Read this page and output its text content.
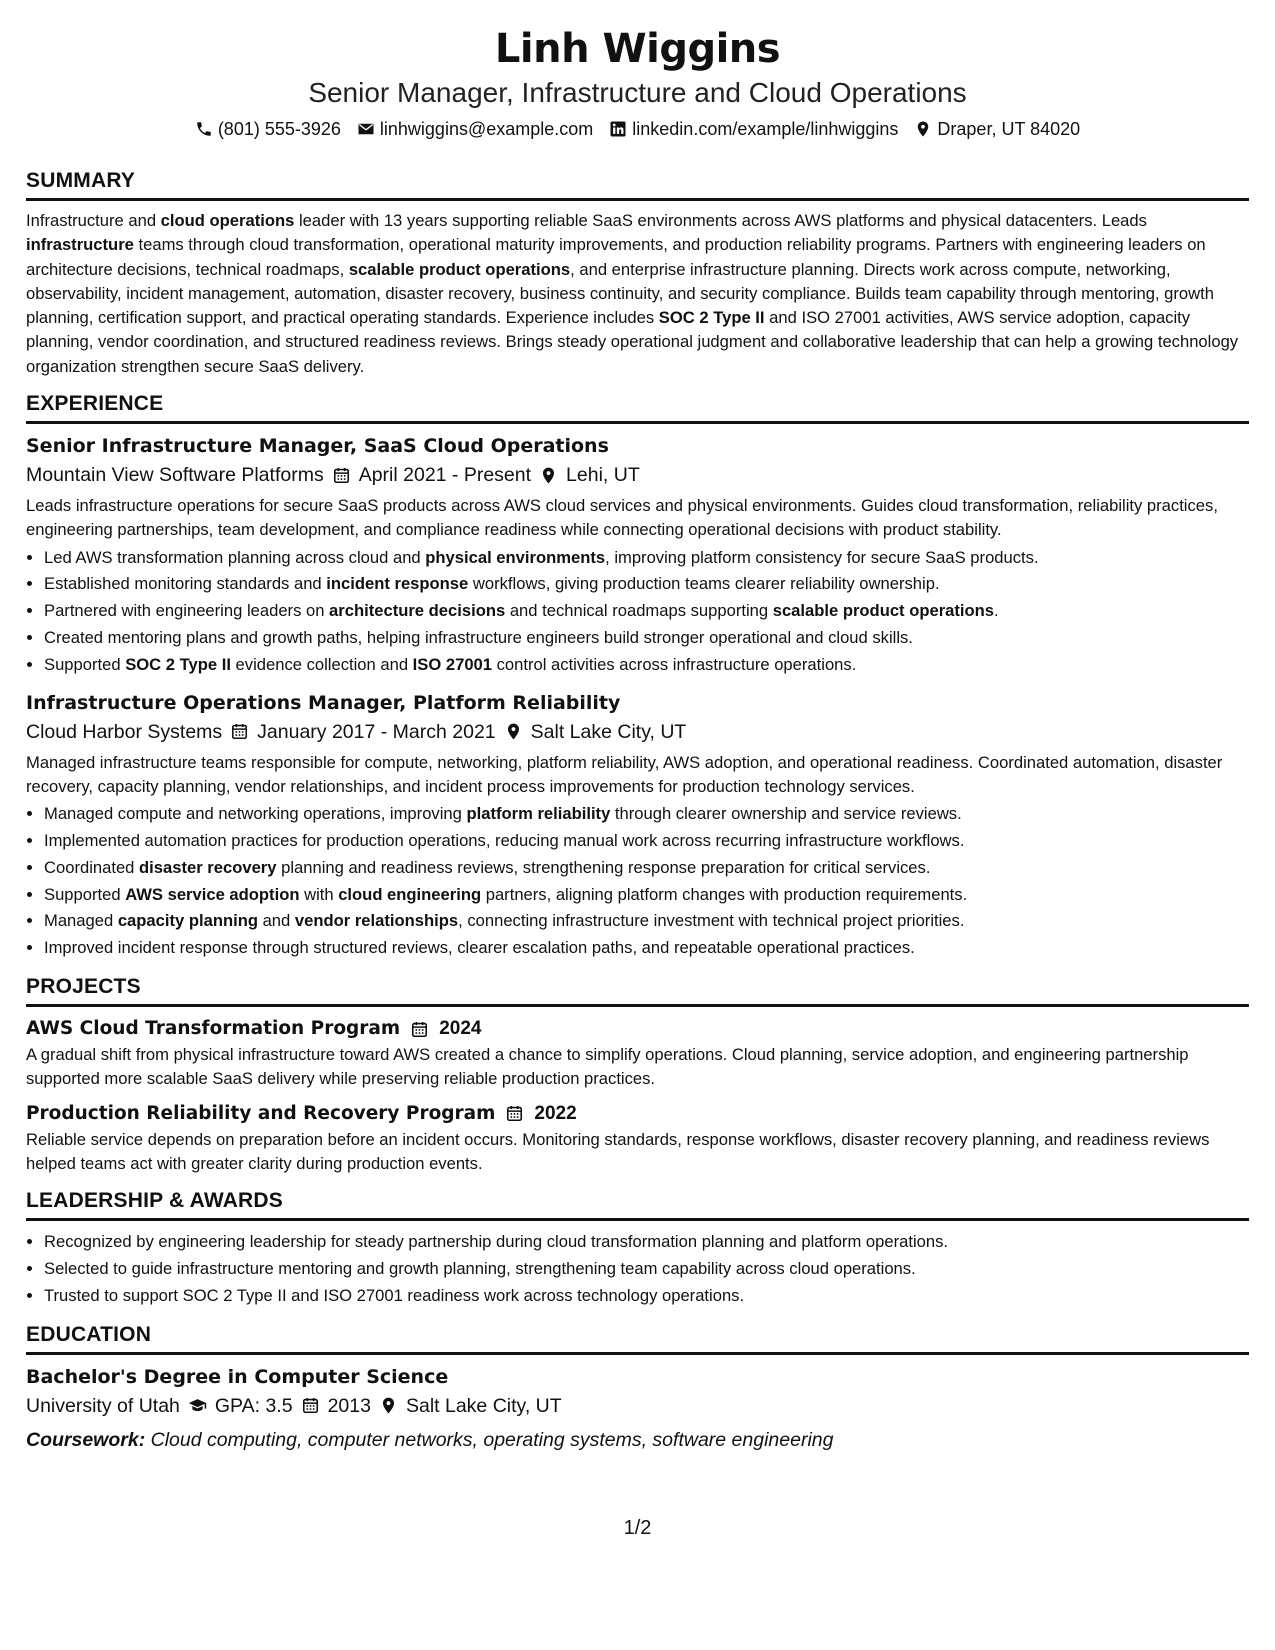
Linh Wiggins
Senior Manager, Infrastructure and Cloud Operations
(801) 555-3926 linhwiggins@example.com linkedin.com/example/linhwiggins Draper, UT 84020
SUMMARY
Infrastructure and cloud operations leader with 13 years supporting reliable SaaS environments across AWS platforms and physical datacenters. Leads infrastructure teams through cloud transformation, operational maturity improvements, and production reliability programs. Partners with engineering leaders on architecture decisions, technical roadmaps, scalable product operations, and enterprise infrastructure planning. Directs work across compute, networking, observability, incident management, automation, disaster recovery, business continuity, and security compliance. Builds team capability through mentoring, growth planning, certification support, and practical operating standards. Experience includes SOC 2 Type II and ISO 27001 activities, AWS service adoption, capacity planning, vendor coordination, and structured readiness reviews. Brings steady operational judgment and collaborative leadership that can help a growing technology organization strengthen secure SaaS delivery.
EXPERIENCE
Senior Infrastructure Manager, SaaS Cloud Operations
Mountain View Software Platforms April 2021 - Present Lehi, UT
Leads infrastructure operations for secure SaaS products across AWS cloud services and physical environments. Guides cloud transformation, reliability practices, engineering partnerships, team development, and compliance readiness while connecting operational decisions with product stability.
• Led AWS transformation planning across cloud and physical environments, improving platform consistency for secure SaaS products.
• Established monitoring standards and incident response workflows, giving production teams clearer reliability ownership.
• Partnered with engineering leaders on architecture decisions and technical roadmaps supporting scalable product operations.
• Created mentoring plans and growth paths, helping infrastructure engineers build stronger operational and cloud skills.
• Supported SOC 2 Type II evidence collection and ISO 27001 control activities across infrastructure operations.
Infrastructure Operations Manager, Platform Reliability
Cloud Harbor Systems January 2017 - March 2021 Salt Lake City, UT
Managed infrastructure teams responsible for compute, networking, platform reliability, AWS adoption, and operational readiness. Coordinated automation, disaster recovery, capacity planning, vendor relationships, and incident process improvements for production technology services.
• Managed compute and networking operations, improving platform reliability through clearer ownership and service reviews.
• Implemented automation practices for production operations, reducing manual work across recurring infrastructure workflows.
• Coordinated disaster recovery planning and readiness reviews, strengthening response preparation for critical services.
• Supported AWS service adoption with cloud engineering partners, aligning platform changes with production requirements.
• Managed capacity planning and vendor relationships, connecting infrastructure investment with technical project priorities.
• Improved incident response through structured reviews, clearer escalation paths, and repeatable operational practices.
PROJECTS
AWS Cloud Transformation Program 2024
A gradual shift from physical infrastructure toward AWS created a chance to simplify operations. Cloud planning, service adoption, and engineering partnership supported more scalable SaaS delivery while preserving reliable production practices.
Production Reliability and Recovery Program 2022
Reliable service depends on preparation before an incident occurs. Monitoring standards, response workflows, disaster recovery planning, and readiness reviews helped teams act with greater clarity during production events.
LEADERSHIP & AWARDS
• Recognized by engineering leadership for steady partnership during cloud transformation planning and platform operations.
• Selected to guide infrastructure mentoring and growth planning, strengthening team capability across cloud operations.
• Trusted to support SOC 2 Type II and ISO 27001 readiness work across technology operations.
EDUCATION
Bachelor's Degree in Computer Science
University of Utah GPA: 3.5 2013 Salt Lake City, UT
Coursework: Cloud computing, computer networks, operating systems, software engineering
1/2
